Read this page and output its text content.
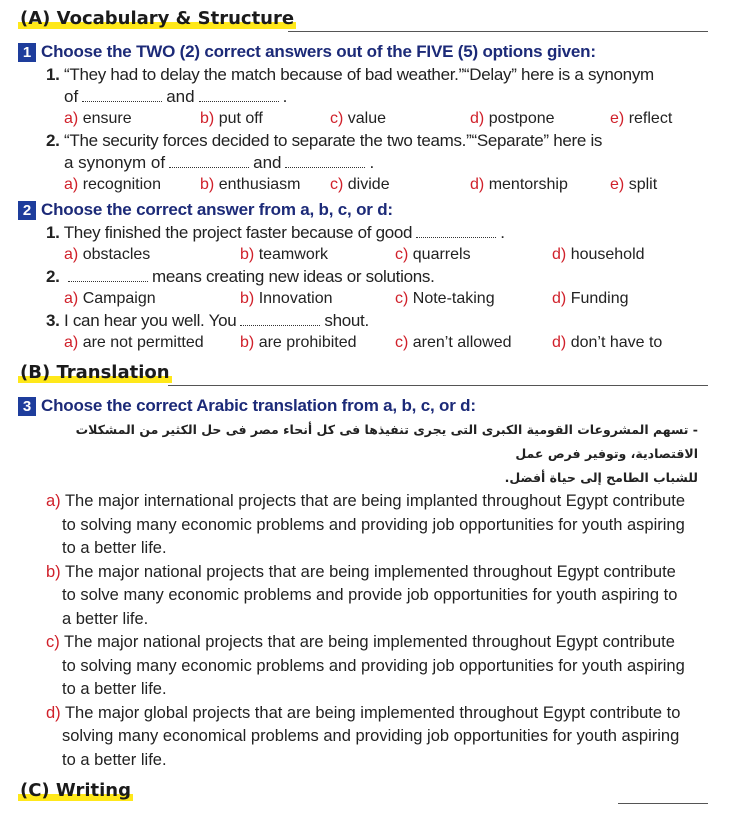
(A) Vocabulary & Structure
1 Choose the TWO (2) correct answers out of the FIVE (5) options given:
1. “They had to delay the match because of bad weather.”“Delay” here is a synonym
of	and	.
a) ensure	b) put off	c) value	d) postpone	e) reflect
2. “The security forces decided to separate the two teams.”“Separate” here is
a synonym of	and	.
a) recognition	b) enthusiasm	c) divide	d) mentorship	e) split
2 Choose the correct answer from a, b, c, or d:
1. They finished the project faster because of good	.
a) obstacles	b) teamwork	c) quarrels	d) household
2.	means creating new ideas or solutions.
a) Campaign	b) Innovation	c) Note-taking	d) Funding
3. I can hear you well. You	shout.
a) are not permitted	b) are prohibited	c) aren’t allowed	d) don’t have to
(B) Translation
3 Choose the correct Arabic translation from a, b, c, or d:
- تسهم المشروعات القومية الكبرى التى يجرى تنفيذها فى كل أنحاء مصر فى حل الكثير من المشكلات الاقتصادية، وتوفير فرص عمل
للشباب الطامح إلى حياة أفضل.
a) The major international projects that are being implanted throughout Egypt contribute to solving many economic problems and providing job opportunities for youth aspiring to a better life.
b) The major national projects that are being implemented throughout Egypt contribute to solve many economic problems and provide job opportunities for youth aspiring to a better life.
c) The major national projects that are being implemented throughout Egypt contribute to solving many economic problems and providing job opportunities for youth aspiring to a better life.
d) The major global projects that are being implemented throughout Egypt contribute to solving many economical problems and providing job opportunities for youth aspiring to a better life.
(C) Writing
